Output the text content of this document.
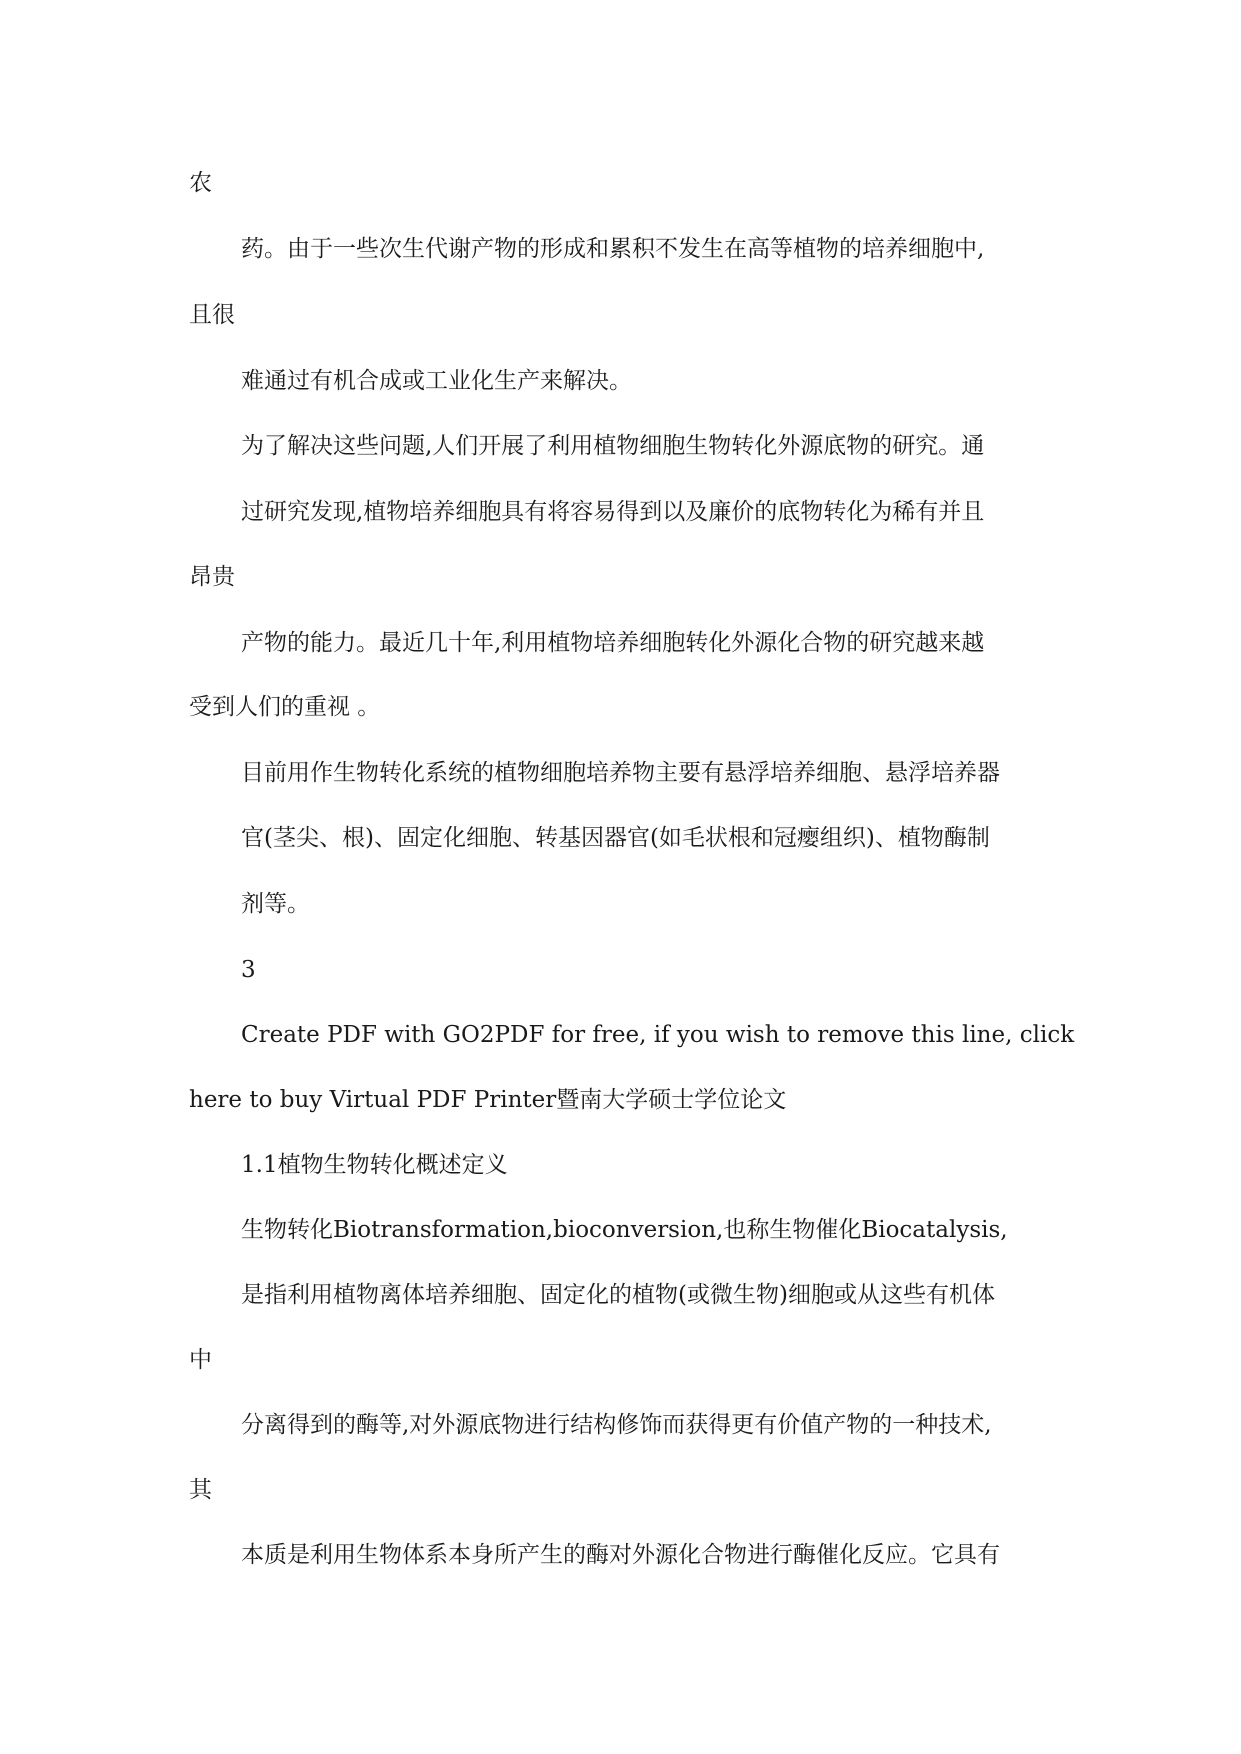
农
药。由于一些次生代谢产物的形成和累积不发生在高等植物的培养细胞中,
且很
难通过有机合成或工业化生产来解决。
为了解决这些问题,人们开展了利用植物细胞生物转化外源底物的研究。通
过研究发现,植物培养细胞具有将容易得到以及廉价的底物转化为稀有并且
昂贵
产物的能力。最近几十年,利用植物培养细胞转化外源化合物的研究越来越
受到人们的重视 。
目前用作生物转化系统的植物细胞培养物主要有悬浮培养细胞、悬浮培养器
官(茎尖、根)、固定化细胞、转基因器官(如毛状根和冠瘿组织)、植物酶制
剂等。
3
Create PDF with GO2PDF for free, if you wish to remove this line, click
here to buy Virtual PDF Printer暨南大学硕士学位论文
1.1植物生物转化概述定义
生物转化Biotransformation,bioconversion,也称生物催化Biocatalysis,
是指利用植物离体培养细胞、固定化的植物(或微生物)细胞或从这些有机体
中
分离得到的酶等,对外源底物进行结构修饰而获得更有价值产物的一种技术,
其
本质是利用生物体系本身所产生的酶对外源化合物进行酶催化反应。它具有
